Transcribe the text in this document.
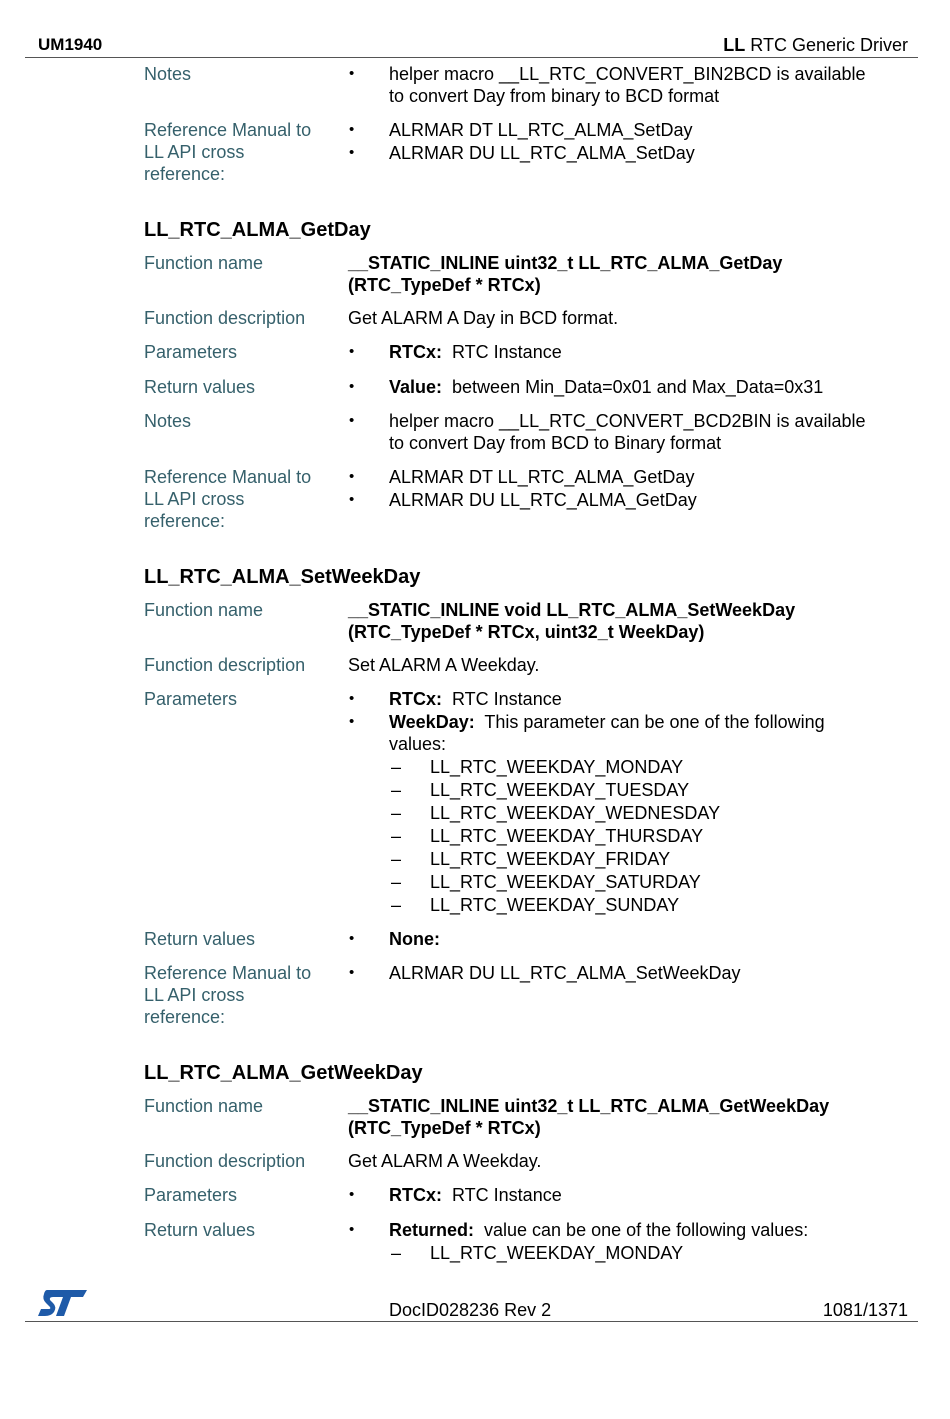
UM1940	LL RTC Generic Driver
Notes	• helper macro __LL_RTC_CONVERT_BIN2BCD is available
to convert Day from binary to BCD format
Reference Manual to
LL API cross
reference:
• ALRMAR DT LL_RTC_ALMA_SetDay
• ALRMAR DU LL_RTC_ALMA_SetDay
LL_RTC_ALMA_GetDay
Function name	__STATIC_INLINE uint32_t LL_RTC_ALMA_GetDay
(RTC_TypeDef * RTCx)
Function description	Get ALARM A Day in BCD format.
Parameters	• RTCx:  RTC Instance
Return values	• Value:  between Min_Data=0x01 and Max_Data=0x31
Notes	• helper macro __LL_RTC_CONVERT_BCD2BIN is available
to convert Day from BCD to Binary format
Reference Manual to
LL API cross
reference:
• ALRMAR DT LL_RTC_ALMA_GetDay
• ALRMAR DU LL_RTC_ALMA_GetDay
LL_RTC_ALMA_SetWeekDay
Function name	__STATIC_INLINE void LL_RTC_ALMA_SetWeekDay
(RTC_TypeDef * RTCx, uint32_t WeekDay)
Function description	Set ALARM A Weekday.
Parameters	• RTCx:  RTC Instance
• WeekDay:  This parameter can be one of the following
values:
– LL_RTC_WEEKDAY_MONDAY
– LL_RTC_WEEKDAY_TUESDAY
– LL_RTC_WEEKDAY_WEDNESDAY
– LL_RTC_WEEKDAY_THURSDAY
– LL_RTC_WEEKDAY_FRIDAY
– LL_RTC_WEEKDAY_SATURDAY
– LL_RTC_WEEKDAY_SUNDAY
Return values	• None:
Reference Manual to
LL API cross
reference:
• ALRMAR DU LL_RTC_ALMA_SetWeekDay
LL_RTC_ALMA_GetWeekDay
Function name	__STATIC_INLINE uint32_t LL_RTC_ALMA_GetWeekDay
(RTC_TypeDef * RTCx)
Function description	Get ALARM A Weekday.
Parameters	• RTCx:  RTC Instance
Return values	• Returned:  value can be one of the following values:
– LL_RTC_WEEKDAY_MONDAY
DocID028236 Rev 2	1081/1371
